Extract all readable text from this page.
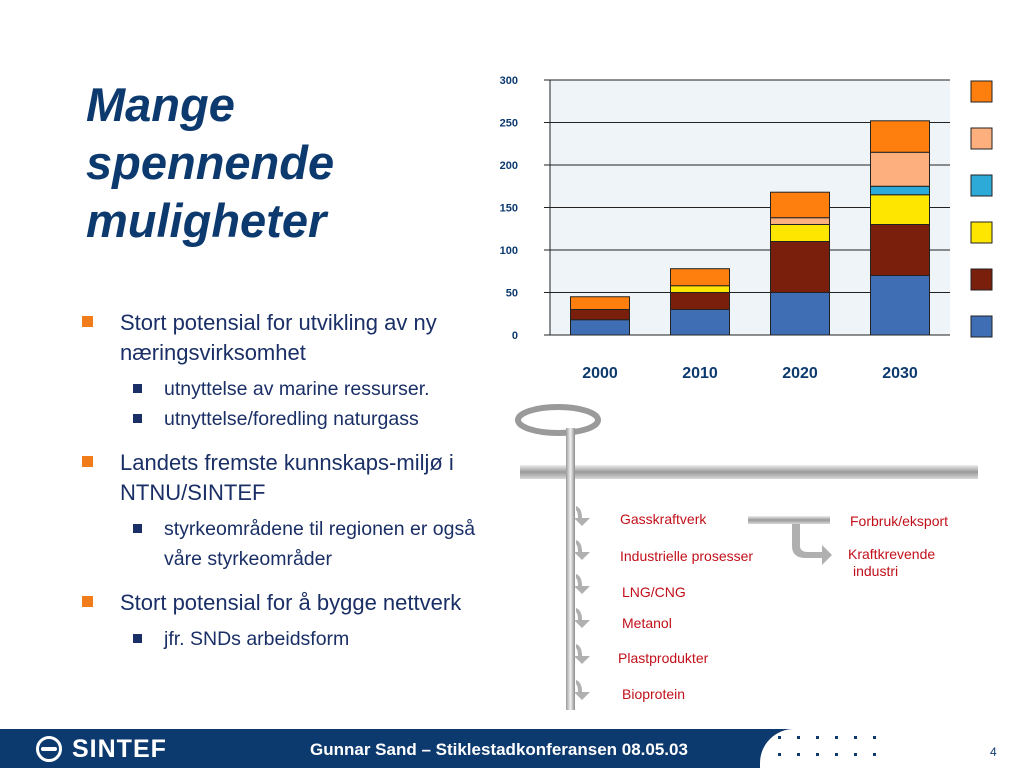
Mange
spennende
muligheter
Stort potensial for utvikling av ny næringsvirksomhet
utnyttelse av marine ressurser.
utnyttelse/foredling naturgass
Landets fremste kunnskaps-miljø i NTNU/SINTEF
styrkeområdene til regionen er også våre styrkeområder
Stort potensial for å bygge nettverk
jfr. SNDs arbeidsform
0
50
100
150
200
250
300
2000	2010	2020	2030
Gasskraftverk
Industrielle prosesser
LNG/CNG
Metanol
Plastprodukter
Bioprotein
Forbruk/eksport
Kraftkrevende
industri
SINTEF	Gunnar Sand – Stiklestadkonferansen 08.05.03	4
